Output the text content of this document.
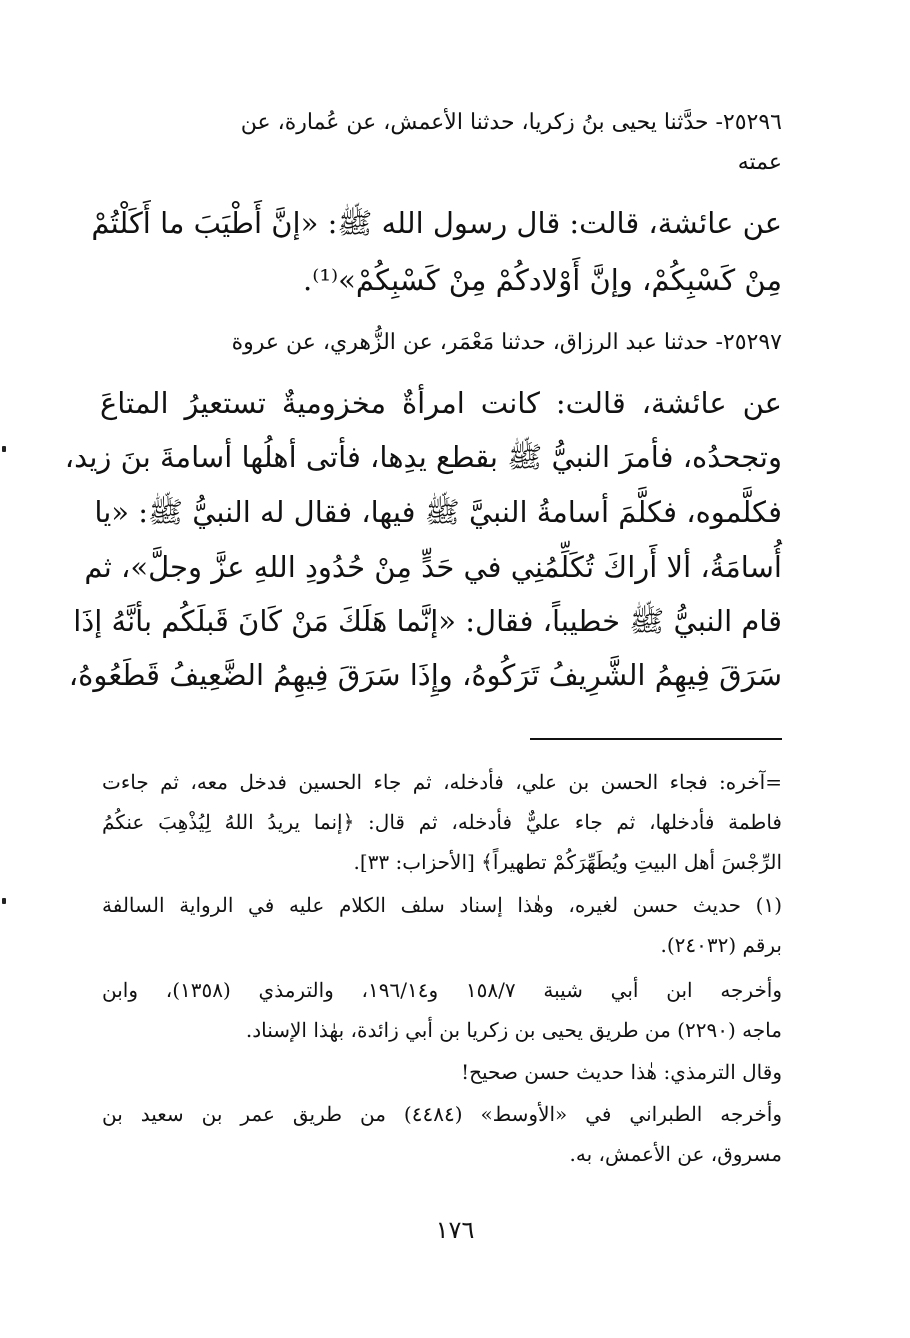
٢٥٢٩٦- حدَّثنا يحيى بنُ زكريا، حدثنا الأعمش، عن عُمارة، عن
عمته
عن عائشة، قالت: قال رسول الله ﷺ: «إنَّ أَطْيَبَ ما أَكَلْتُمْ
مِنْ كَسْبِكُمْ، وإنَّ أَوْلادكُمْ مِنْ كَسْبِكُمْ»⁽¹⁾.
٢٥٢٩٧- حدثنا عبد الرزاق، حدثنا مَعْمَر، عن الزُّهري، عن عروة
عن عائشة، قالت: كانت امرأةٌ مخزوميةٌ تستعيرُ المتاعَ
وتجحدُه، فأمرَ النبيُّ ﷺ بقطع يدِها، فأتى أهلُها أسامةَ بنَ زيد،
فكلَّموه، فكلَّمَ أسامةُ النبيَّ ﷺ فيها، فقال له النبيُّ ﷺ: «يا
أُسامَةُ، ألا أَراكَ تُكَلِّمُنِي في حَدٍّ مِنْ حُدُودِ اللهِ عزَّ وجلَّ»، ثم
قام النبيُّ ﷺ خطيباً، فقال: «إنَّما هَلَكَ مَنْ كَانَ قَبلَكُم بأنَّهُ إذَا
سَرَقَ فِيهِمُ الشَّرِيفُ تَرَكُوهُ، وإِذَا سَرَقَ فِيهِمُ الضَّعِيفُ قَطَعُوهُ،
=آخره: فجاء الحسن بن علي، فأدخله، ثم جاء الحسين فدخل معه، ثم جاءت
فاطمة فأدخلها، ثم جاء عليٌّ فأدخله، ثم قال: ﴿إنما يريدُ اللهُ لِيُذْهِبَ عنكُمُ
الرِّجْسَ أهل البيتِ ويُطَهِّرَكُمْ تطهيراً﴾ [الأحزاب: ٣٣].
(١) حديث حسن لغيره، وهٰذا إسناد سلف الكلام عليه في الرواية السالفة
برقم (٢٤٠٣٢).
وأخرجه ابن أبي شيبة ١٥٨/٧ و١٩٦/١٤، والترمذي (١٣٥٨)، وابن
ماجه (٢٢٩٠) من طريق يحيى بن زكريا بن أبي زائدة، بهٰذا الإسناد.
وقال الترمذي: هٰذا حديث حسن صحيح!
وأخرجه الطبراني في «الأوسط» (٤٤٨٤) من طريق عمر بن سعيد بن
مسروق، عن الأعمش، به.
١٧٦
